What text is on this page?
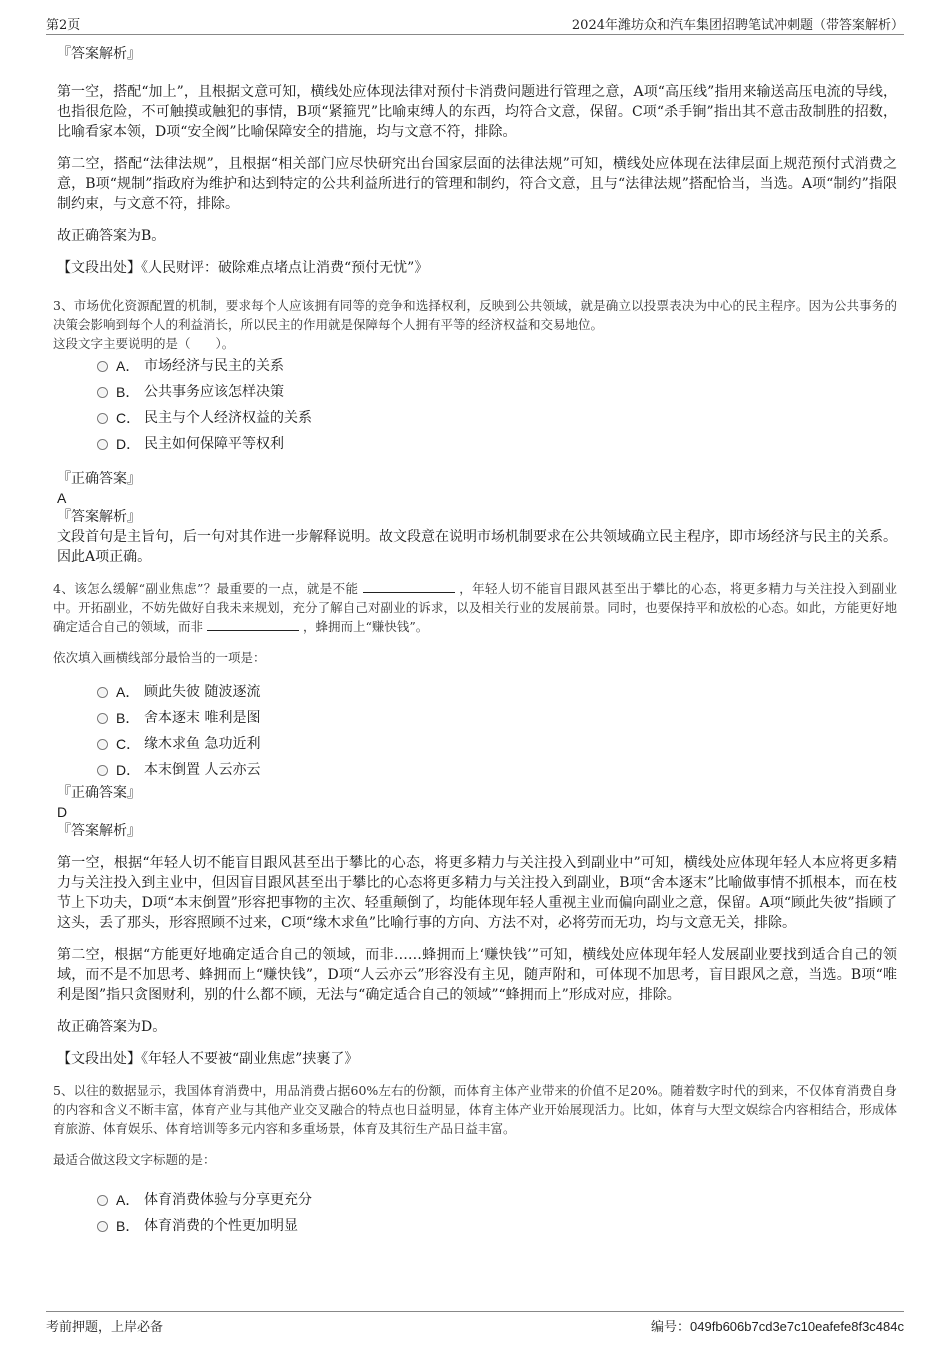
第2页	2024年潍坊众和汽车集团招聘笔试冲刺题（带答案解析）

『答案解析』

第一空，搭配“加上”，且根据文意可知，横线处应体现法律对预付卡消费问题进行管理之意，A项“高压线”指用来输送高压电流的导线，也指很危险，不可触摸或触犯的事情，B项“紧箍咒”比喻束缚人的东西，均符合文意，保留。C项“杀手锏”指出其不意击敌制胜的招数，比喻看家本领，D项“安全阀”比喻保障安全的措施，均与文意不符，排除。

第二空，搭配“法律法规”，且根据“相关部门应尽快研究出台国家层面的法律法规”可知，横线处应体现在法律层面上规范预付式消费之意，B项“规制”指政府为维护和达到特定的公共利益所进行的管理和制约，符合文意，且与“法律法规”搭配恰当，当选。A项“制约”指限制约束，与文意不符，排除。

故正确答案为B。

【文段出处】《人民财评：破除难点堵点让消费“预付无忧”》

3、市场优化资源配置的机制，要求每个人应该拥有同等的竞争和选择权利，反映到公共领域，就是确立以投票表决为中心的民主程序。因为公共事务的决策会影响到每个人的利益消长，所以民主的作用就是保障每个人拥有平等的经济权益和交易地位。

这段文字主要说明的是（　　）。

A． 市场经济与民主的关系
B． 公共事务应该怎样决策
C． 民主与个人经济权益的关系
D． 民主如何保障平等权利

『正确答案』

A

『答案解析』

文段首句是主旨句，后一句对其作进一步解释说明。故文段意在说明市场机制要求在公共领域确立民主程序，即市场经济与民主的关系。因此A项正确。

4、该怎么缓解“副业焦虑”？最重要的一点，就是不能	，年轻人切不能盲目跟风甚至出于攀比的心态，将更多精力与关注投入到副业中。开拓副业，不妨先做好自我未来规划，充分了解自己对副业的诉求，以及相关行业的发展前景。同时，也要保持平和放松的心态。如此，方能更好地确定适合自己的领域，而非	，蜂拥而上“赚快钱”。

依次填入画横线部分最恰当的一项是：

A． 顾此失彼 随波逐流
B． 舍本逐末 唯利是图
C． 缘木求鱼 急功近利
D． 本末倒置 人云亦云

『正确答案』

D

『答案解析』

第一空，根据“年轻人切不能盲目跟风甚至出于攀比的心态，将更多精力与关注投入到副业中”可知，横线处应体现年轻人本应将更多精力与关注投入到主业中，但因盲目跟风甚至出于攀比的心态将更多精力与关注投入到副业，B项“舍本逐末”比喻做事情不抓根本，而在枝节上下功夫，D项“本末倒置”形容把事物的主次、轻重颠倒了，均能体现年轻人重视主业而偏向副业之意，保留。A项“顾此失彼”指顾了这头，丢了那头，形容照顾不过来，C项“缘木求鱼”比喻行事的方向、方法不对，必将劳而无功，均与文意无关，排除。

第二空，根据“方能更好地确定适合自己的领域，而非……蜂拥而上‘赚快钱’”可知，横线处应体现年轻人发展副业要找到适合自己的领域，而不是不加思考、蜂拥而上“赚快钱”，D项“人云亦云”形容没有主见，随声附和，可体现不加思考，盲目跟风之意，当选。B项“唯利是图”指只贪图财利，别的什么都不顾，无法与“确定适合自己的领域”“蜂拥而上”形成对应，排除。

故正确答案为D。

【文段出处】《年轻人不要被“副业焦虑”挟裹了》

5、以往的数据显示，我国体育消费中，用品消费占据60%左右的份额，而体育主体产业带来的价值不足20%。随着数字时代的到来，不仅体育消费自身的内容和含义不断丰富，体育产业与其他产业交叉融合的特点也日益明显，体育主体产业开始展现活力。比如，体育与大型文娱综合内容相结合，形成体育旅游、体育娱乐、体育培训等多元内容和多重场景，体育及其衍生产品日益丰富。

最适合做这段文字标题的是：

A． 体育消费体验与分享更充分
B． 体育消费的个性更加明显
考前押题，上岸必备	编号：049fb606b7cd3e7c10eafefe8f3c484c
